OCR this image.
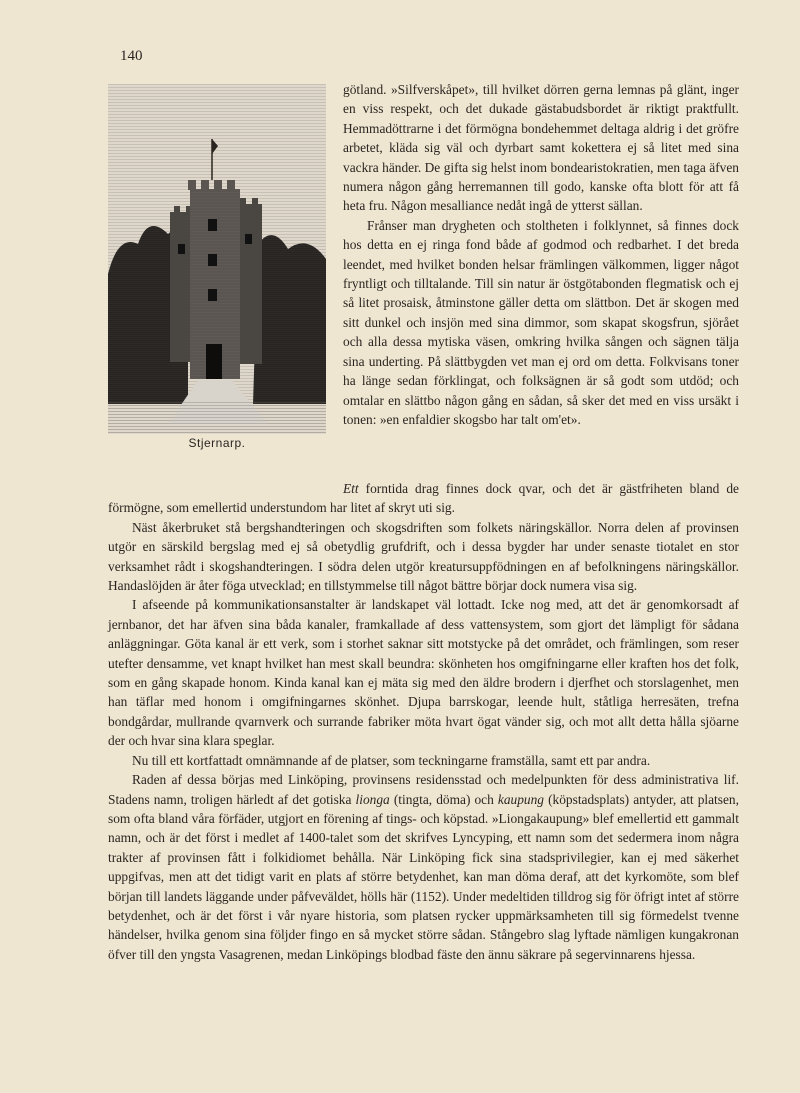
140
Stjernarp.

götland. »Silfverskåpet», till hvilket dörren gerna lemnas på glänt, inger en viss respekt, och det dukade gästabudsbordet är riktigt praktfullt. Hemmadöttrarne i det förmögna bondehemmet deltaga aldrig i det gröfre arbetet, kläda sig väl och dyrbart samt kokettera ej så litet med sina vackra händer. De gifta sig helst inom bondearistokratien, men taga äfven numera någon gång herremannen till godo, kanske ofta blott för att få heta fru. Någon mesalliance nedåt ingå de ytterst sällan.

Frånser man drygheten och stoltheten i folklynnet, så finnes dock hos detta en ej ringa fond både af godmod och redbarhet. I det breda leendet, med hvilket bonden helsar främlingen välkommen, ligger något fryntligt och tilltalande. Till sin natur är östgötabonden flegmatisk och ej så litet prosaisk, åtminstone gäller detta om slättbon. Det är skogen med sitt dunkel och insjön med sina dimmor, som skapat skogsfrun, sjörået och alla dessa mytiska väsen, omkring hvilka sången och sägnen tälja sina underting. På slättbygden vet man ej ord om detta. Folkvisans toner ha länge sedan förklingat, och folksägnen är så godt som utdöd; och omtalar en slättbo någon gång en sådan, så sker det med en viss ursäkt i tonen: »en enfaldier skogsbo har talt om'et».

Ett forntida drag finnes dock qvar, och det är gästfriheten bland de förmögne, som emellertid understundom har litet af skryt uti sig.

Näst åkerbruket stå bergshandteringen och skogsdriften som folkets näringskällor. Norra delen af provinsen utgör en särskild bergslag med ej så obetydlig grufdrift, och i dessa bygder har under senaste tiotalet en stor verksamhet rådt i skogshandteringen. I södra delen utgör kreatursuppfödningen en af befolkningens näringskällor. Handaslöjden är åter föga utvecklad; en tillstymmelse till något bättre börjar dock numera visa sig.

I afseende på kommunikationsanstalter är landskapet väl lottadt. Icke nog med, att det är genomkorsadt af jernbanor, det har äfven sina båda kanaler, framkallade af dess vattensystem, som gjort det lämpligt för sådana anläggningar. Göta kanal är ett verk, som i storhet saknar sitt motstycke på det området, och främlingen, som reser utefter densamme, vet knapt hvilket han mest skall beundra: skönheten hos omgifningarne eller kraften hos det folk, som en gång skapade honom. Kinda kanal kan ej mäta sig med den äldre brodern i djerfhet och storslagenhet, men han täflar med honom i omgifningarnes skönhet. Djupa barrskogar, leende hult, ståtliga herresäten, trefna bondgårdar, mullrande qvarnverk och surrande fabriker möta hvart ögat vänder sig, och mot allt detta hålla sjöarne der och hvar sina klara speglar.

Nu till ett kortfattadt omnämnande af de platser, som teckningarne framställa, samt ett par andra.

Raden af dessa börjas med Linköping, provinsens residensstad och medelpunkten för dess administrativa lif. Stadens namn, troligen härledt af det gotiska lionga (tingta, döma) och kaupung (köpstadsplats) antyder, att platsen, som ofta bland våra förfäder, utgjort en förening af tings- och köpstad. »Liongakaupung» blef emellertid ett gammalt namn, och är det först i medlet af 1400-talet som det skrifves Lyncyping, ett namn som det sedermera inom några trakter af provinsen fått i folkidiomet behålla. När Linköping fick sina stadsprivilegier, kan ej med säkerhet uppgifvas, men att det tidigt varit en plats af större betydenhet, kan man döma deraf, att det kyrkomöte, som blef början till landets läggande under påfveväldet, hölls här (1152). Under medeltiden tilldrog sig för öfrigt intet af större betydenhet, och är det först i vår nyare historia, som platsen rycker uppmärksamheten till sig förmedelst tvenne händelser, hvilka genom sina följder fingo en så mycket större sådan. Stångebro slag lyftade nämligen kungakronan öfver till den yngsta Vasagrenen, medan Linköpings blodbad fäste den ännu säkrare på segervinnarens hjessa.
